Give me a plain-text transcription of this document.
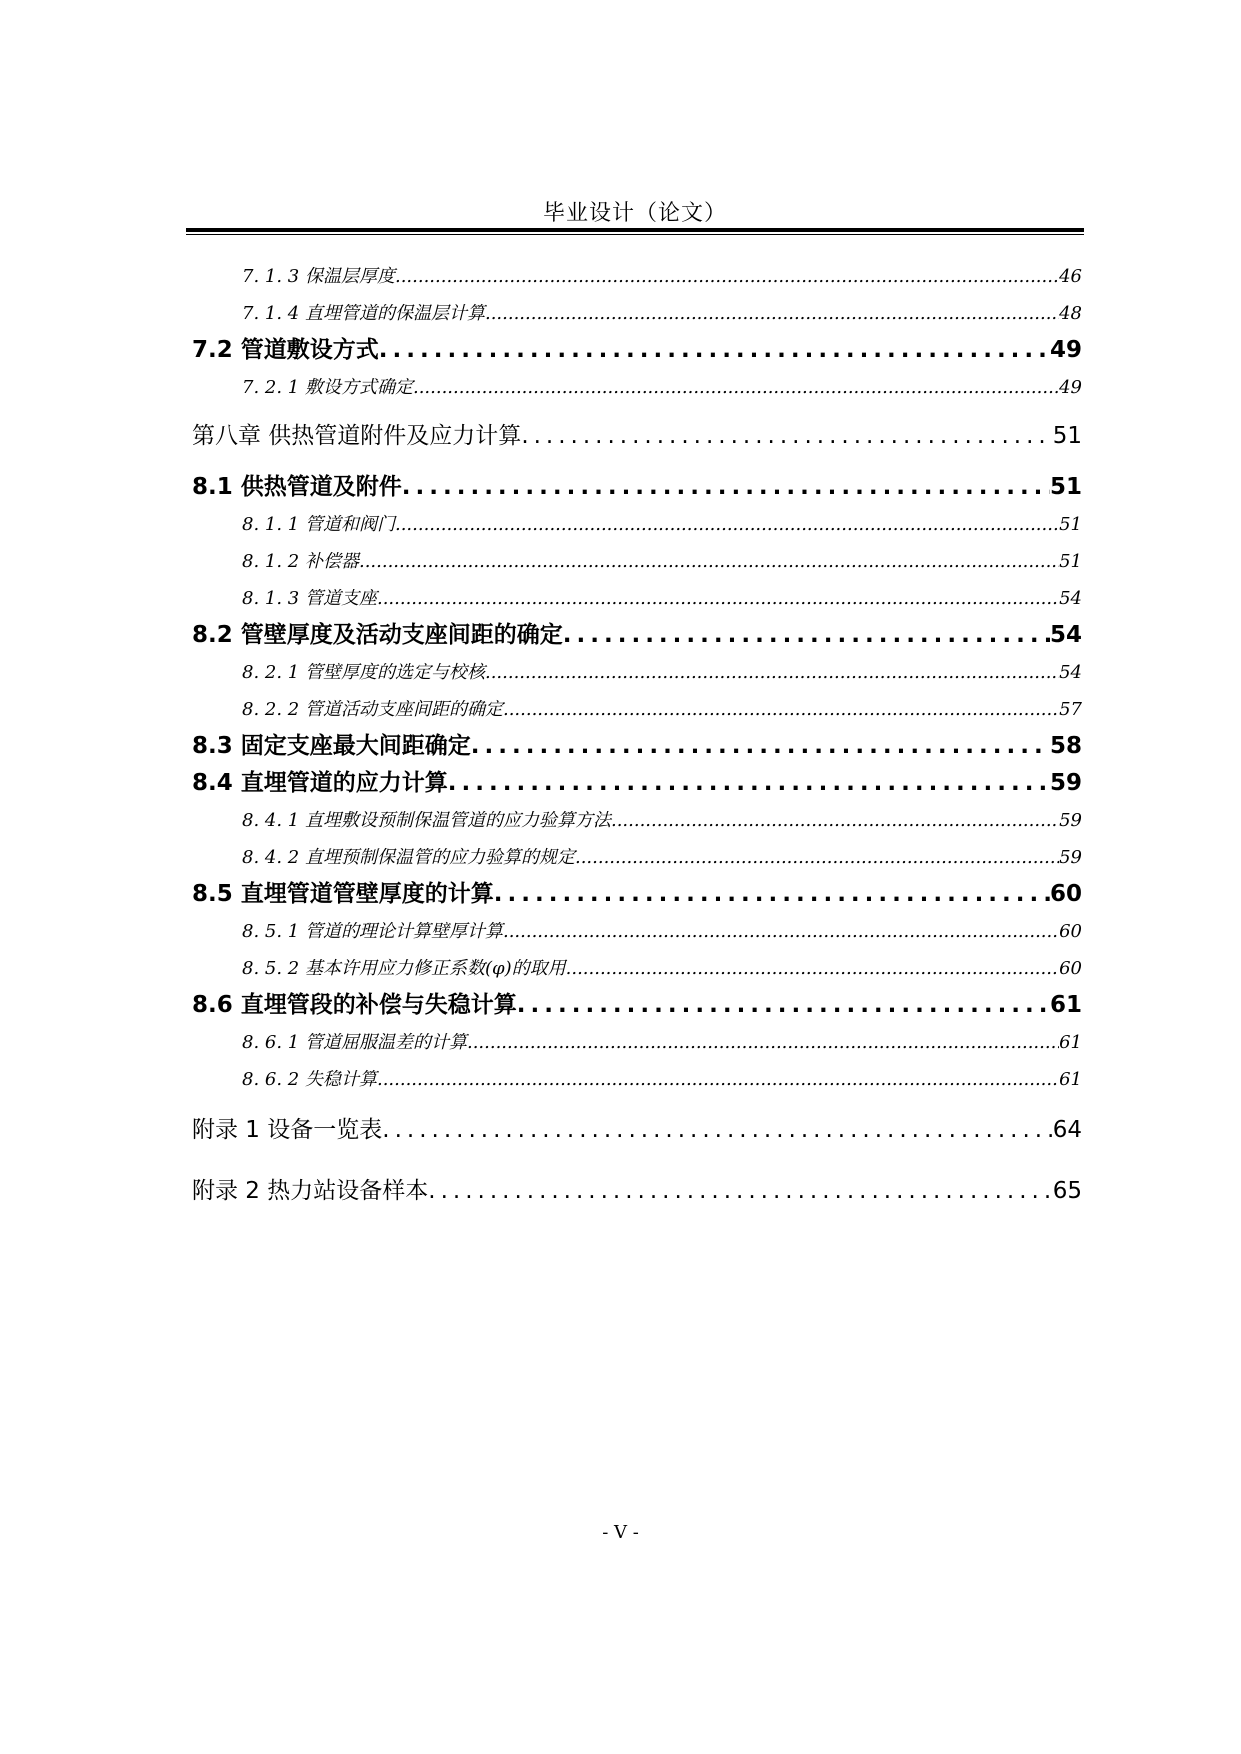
毕业设计（论文）
7. 1. 3 保温层厚度 .....	46
7. 1. 4 直埋管道的保温层计算 .....	48
7.2 管道敷设方式 .....	49
7. 2. 1 敷设方式确定 .....	49
第八章 供热管道附件及应力计算 .....	51
8.1 供热管道及附件 .....	51
8. 1. 1 管道和阀门 .....	51
8. 1. 2 补偿器 .....	51
8. 1. 3 管道支座 .....	54
8.2 管壁厚度及活动支座间距的确定 .....	54
8. 2. 1 管壁厚度的选定与校核 .....	54
8. 2. 2 管道活动支座间距的确定 .....	57
8.3 固定支座最大间距确定 .....	58
8.4 直埋管道的应力计算 .....	59
8. 4. 1 直埋敷设预制保温管道的应力验算方法 .....	59
8. 4. 2 直埋预制保温管的应力验算的规定 .....	59
8.5 直埋管道管壁厚度的计算 .....	60
8. 5. 1 管道的理论计算壁厚计算 .....	60
8. 5. 2 基本许用应力修正系数(φ)的取用 .....	60
8.6 直埋管段的补偿与失稳计算 .....	61
8. 6. 1 管道屈服温差的计算 .....	61
8. 6. 2 失稳计算 .....	61
附录 1 设备一览表 .....	64
附录 2 热力站设备样本 .....	65
- V -
